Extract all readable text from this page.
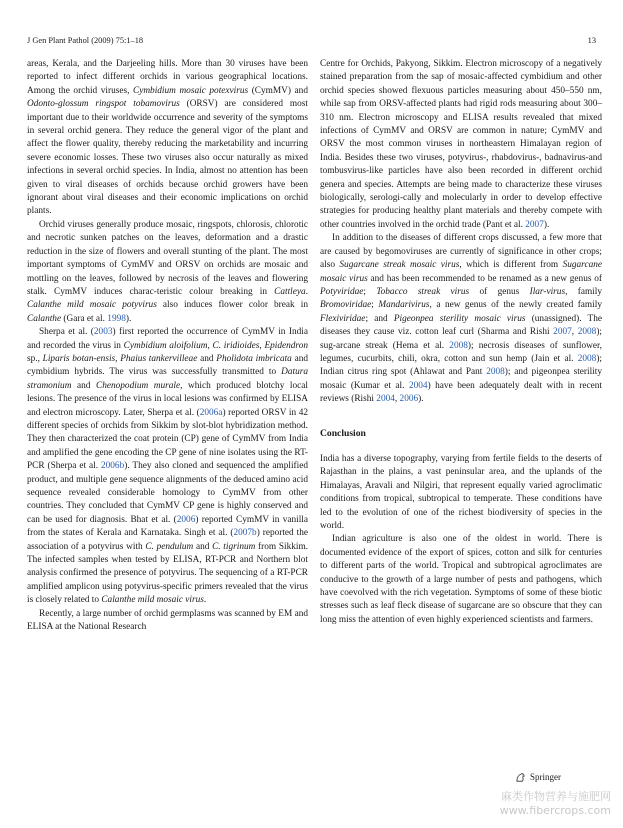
J Gen Plant Pathol (2009) 75:1–18	13

areas, Kerala, and the Darjeeling hills. More than 30 viruses have been reported to infect different orchids in various geographical locations. Among the orchid viruses, Cymbidium mosaic potexvirus (CymMV) and Odonto-glossum ringspot tobamovirus (ORSV) are considered most important due to their worldwide occurrence and severity of the symptoms in several orchid genera. They reduce the general vigor of the plant and affect the flower quality, thereby reducing the marketability and incurring severe economic losses. These two viruses also occur naturally as mixed infections in several orchid species. In India, almost no attention has been given to viral diseases of orchids because orchid growers have been ignorant about viral diseases and their economic implications on orchid plants.

Orchid viruses generally produce mosaic, ringspots, chlorosis, chlorotic and necrotic sunken patches on the leaves, deformation and a drastic reduction in the size of flowers and overall stunting of the plant. The most important symptoms of CymMV and ORSV on orchids are mosaic and mottling on the leaves, followed by necrosis of the leaves and flowering stalk. CymMV induces charac-teristic colour breaking in Cattleya. Calanthe mild mosaic potyvirus also induces flower color break in Calanthe (Gara et al. 1998).

Sherpa et al. (2003) first reported the occurrence of CymMV in India and recorded the virus in Cymbidium aloifolium, C. iridioides, Epidendron sp., Liparis botan-ensis, Phaius tankervilleae and Pholidota imbricata and cymbidium hybrids. The virus was successfully transmitted to Datura stramonium and Chenopodium murale, which produced blotchy local lesions. The presence of the virus in local lesions was confirmed by ELISA and electron microscopy. Later, Sherpa et al. (2006a) reported ORSV in 42 different species of orchids from Sikkim by slot-blot hybridization method. They then characterized the coat protein (CP) gene of CymMV from India and amplified the gene encoding the CP gene of nine isolates using the RT-PCR (Sherpa et al. 2006b). They also cloned and sequenced the amplified product, and multiple gene sequence alignments of the deduced amino acid sequence revealed considerable homology to CymMV from other countries. They concluded that CymMV CP gene is highly conserved and can be used for diagnosis. Bhat et al. (2006) reported CymMV in vanilla from the states of Kerala and Karnataka. Singh et al. (2007b) reported the association of a potyvirus with C. pendulum and C. tigrinum from Sikkim. The infected samples when tested by ELISA, RT-PCR and Northern blot analysis confirmed the presence of potyvirus. The sequencing of a RT-PCR amplified amplicon using potyvirus-specific primers revealed that the virus is closely related to Calanthe mild mosaic virus.

Recently, a large number of orchid germplasms was scanned by EM and ELISA at the National Research

Centre for Orchids, Pakyong, Sikkim. Electron microscopy of a negatively stained preparation from the sap of mosaic-affected cymbidium and other orchid species showed flexuous particles measuring about 450–550 nm, while sap from ORSV-affected plants had rigid rods measuring about 300–310 nm. Electron microscopy and ELISA results revealed that mixed infections of CymMV and ORSV are common in nature; CymMV and ORSV the most common viruses in northeastern Himalayan region of India. Besides these two viruses, potyvirus-, rhabdovirus-, badnavirus-and tombusvirus-like particles have also been recorded in different orchid genera and species. Attempts are being made to characterize these viruses biologically, serologi-cally and molecularly in order to develop effective strategies for producing healthy plant materials and thereby compete with other countries involved in the orchid trade (Pant et al. 2007).

In addition to the diseases of different crops discussed, a few more that are caused by begomoviruses are currently of significance in other crops; also Sugarcane streak mosaic virus, which is different from Sugarcane mosaic virus and has been recommended to be renamed as a new genus of Potyviridae; Tobacco streak virus of genus Ilar-virus, family Bromoviridae; Mandarivirus, a new genus of the newly created family Flexiviridae; and Pigeonpea sterility mosaic virus (unassigned). The diseases they cause viz. cotton leaf curl (Sharma and Rishi 2007, 2008); sug-arcane streak (Hema et al. 2008); necrosis diseases of sunflower, legumes, cucurbits, chili, okra, cotton and sun hemp (Jain et al. 2008); Indian citrus ring spot (Ahlawat and Pant 2008); and pigeonpea sterility mosaic (Kumar et al. 2004) have been adequately dealt with in recent reviews (Rishi 2004, 2006).

Conclusion

India has a diverse topography, varying from fertile fields to the deserts of Rajasthan in the plains, a vast peninsular area, and the uplands of the Himalayas, Aravali and Nilgiri, that represent equally varied agroclimatic conditions from tropical, subtropical to temperate. These conditions have led to the evolution of one of the richest biodiversity of species in the world.

Indian agriculture is also one of the oldest in world. There is documented evidence of the export of spices, cotton and silk for centuries to different parts of the world. Tropical and subtropical agroclimates are conducive to the growth of a large number of pests and pathogens, which have coevolved with the rich vegetation. Symptoms of some of these biotic stresses such as leaf fleck disease of sugarcane are so obscure that they can long miss the attention of even highly experienced scientists and farmers.

Springer
麻类作物营养与施肥网
www.fibercrops.com
